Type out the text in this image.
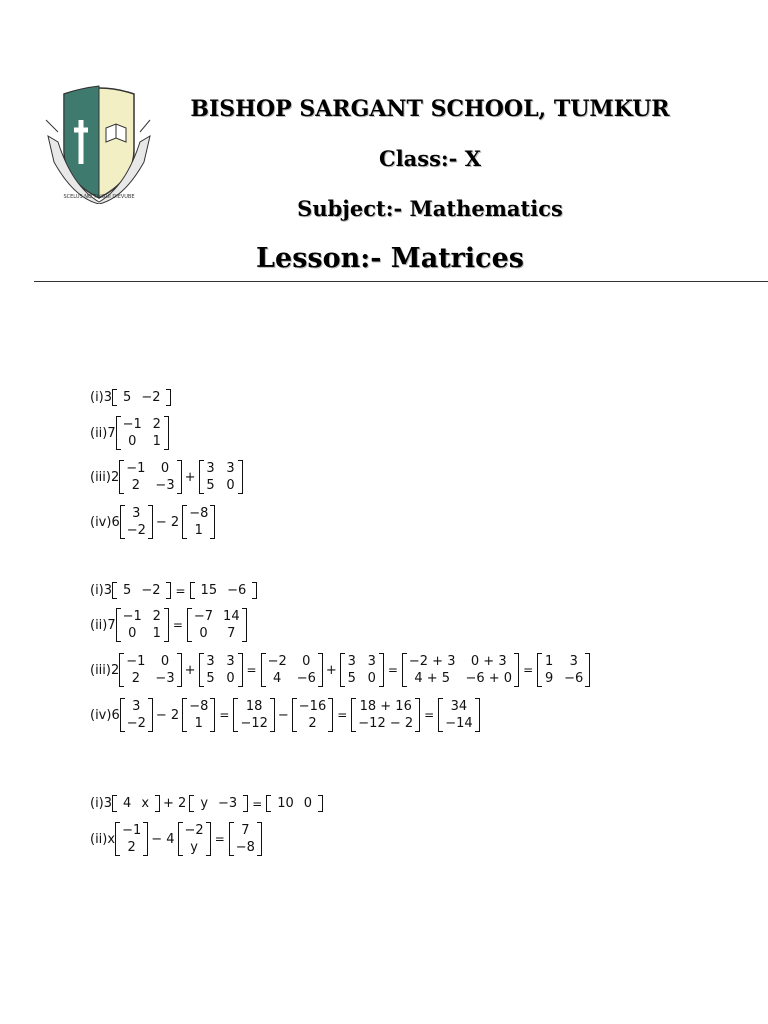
SCELUS NO TINGUI DIEVUBE
BISHOP SARGANT SCHOOL, TUMKUR
Class:- X
Subject:- Mathematics
Lesson:- Matrices
(i)3 5 −2
(ii)7
−1 2
0	1
(iii)2
−1	0
2	−3
+
3 3
5 0
(iv)6
3
−2
− 2
−8
1
(i)3 5 −2	=	15 −6
(ii)7
−1 2
0	1
=
−7 14
0	7
(iii)2
−1	0
2	−3
+
3 3
5 0
=
−2	0
4	−6
+
3 3
5 0
=
−2 + 3	0 + 3
4 + 5	−6 + 0
=
1	3
9 −6
(iv)6
3
−2
− 2
−8
1
=
18
−12
−
−16
2
=
18 + 16
−12 − 2
=
34
−14
(i)3 4 x	+ 2	y −3	=	10 0
(ii)x
−1
2
− 4
−2
y
=
7
−8
